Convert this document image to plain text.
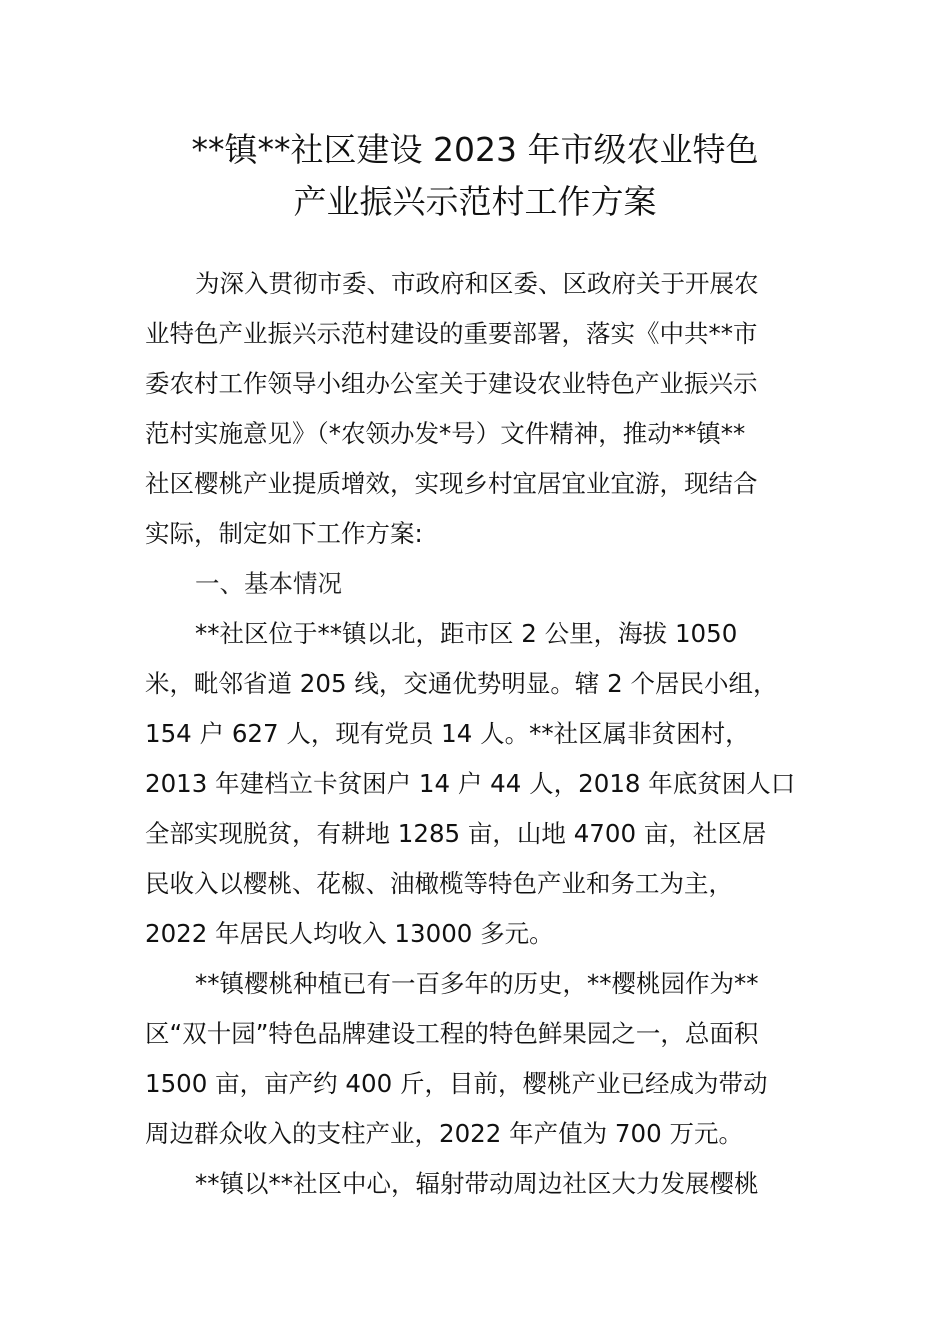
**镇**社区建设 2023 年市级农业特色
产业振兴示范村工作方案

为深入贯彻市委、市政府和区委、区政府关于开展农

业特色产业振兴示范村建设的重要部署，落实《中共**市

委农村工作领导小组办公室关于建设农业特色产业振兴示

范村实施意见》（*农领办发*号）文件精神，推动**镇**

社区樱桃产业提质增效，实现乡村宜居宜业宜游，现结合

实际，制定如下工作方案:

一、基本情况

**社区位于**镇以北，距市区 2 公里，海拔 1050

米，毗邻省道 205 线，交通优势明显。辖 2 个居民小组，

154 户 627 人，现有党员 14 人。**社区属非贫困村，

2013 年建档立卡贫困户 14 户 44 人，2018 年底贫困人口

全部实现脱贫，有耕地 1285 亩，山地 4700 亩，社区居

民收入以樱桃、花椒、油橄榄等特色产业和务工为主，

2022 年居民人均收入 13000 多元。

**镇樱桃种植已有一百多年的历史，**樱桃园作为**

区“双十园”特色品牌建设工程的特色鲜果园之一，总面积

1500 亩，亩产约 400 斤，目前，樱桃产业已经成为带动

周边群众收入的支柱产业，2022 年产值为 700 万元。

**镇以**社区中心，辐射带动周边社区大力发展樱桃
